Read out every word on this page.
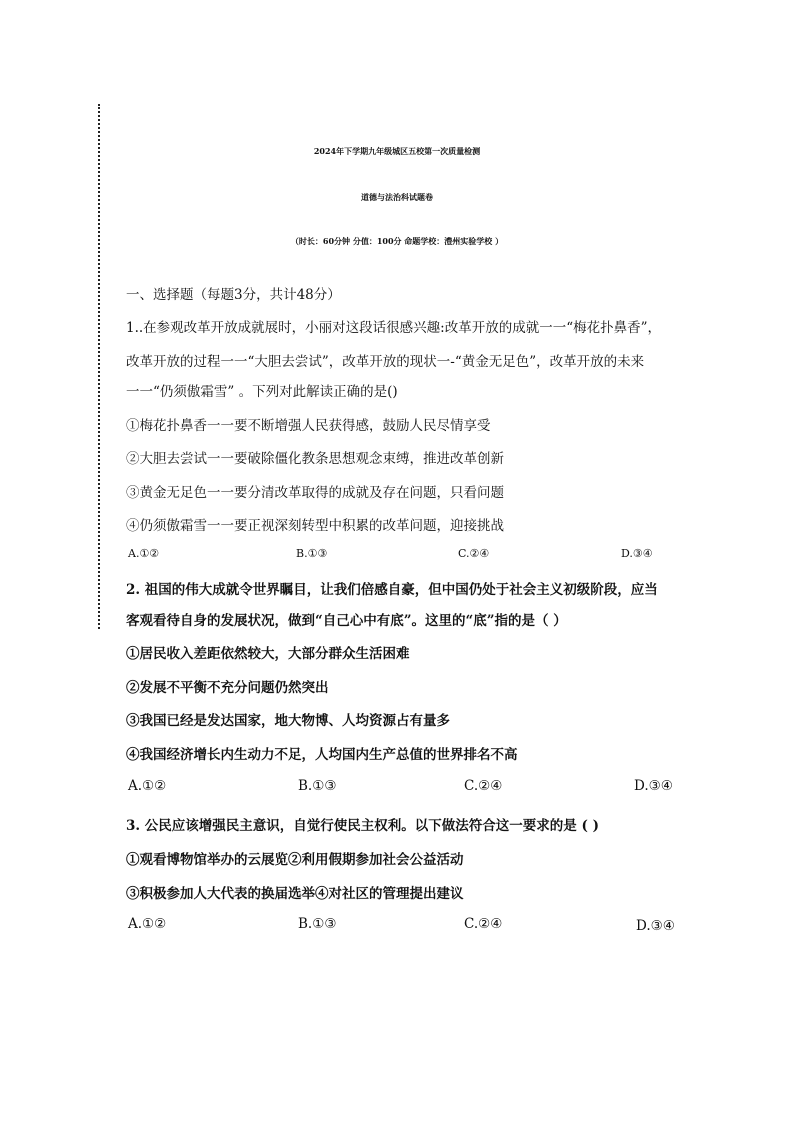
2024年下学期九年级城区五校第一次质量检测
道德与法治科试题卷
（时长：60分钟 分值：100分 命题学校：澧州实验学校 ）
一、选择题（每题3分，共计48分）
1..在参观改革开放成就展时，小丽对这段话很感兴趣:改革开放的成就一一“梅花扑鼻香”，
改革开放的过程一一“大胆去尝试”，改革开放的现状一-“黄金无足色”，改革开放的未来
一一“仍须傲霜雪” 。下列对此解读正确的是()
①梅花扑鼻香一一要不断增强人民获得感，鼓励人民尽情享受
②大胆去尝试一一要破除僵化教条思想观念束缚，推进改革创新
③黄金无足色一一要分清改革取得的成就及存在问题，只看问题
④仍须傲霜雪一一要正视深刻转型中积累的改革问题，迎接挑战
A.①②	B.①③	C.②④	D.③④
2. 祖国的伟大成就令世界瞩目，让我们倍感自豪，但中国仍处于社会主义初级阶段，应当
客观看待自身的发展状况，做到“自己心中有底”。这里的“底”指的是（ ）
①居民收入差距依然较大，大部分群众生活困难
②发展不平衡不充分问题仍然突出
③我国已经是发达国家，地大物博、人均资源占有量多
④我国经济增长内生动力不足，人均国内生产总值的世界排名不高
A.①②	B.①③	C.②④	D.③④
3. 公民应该增强民主意识，自觉行使民主权利。以下做法符合这一要求的是 ( )
①观看博物馆举办的云展览②利用假期参加社会公益活动
③积极参加人大代表的换届选举④对社区的管理提出建议
A.①②	B.①③	C.②④	D.③④
